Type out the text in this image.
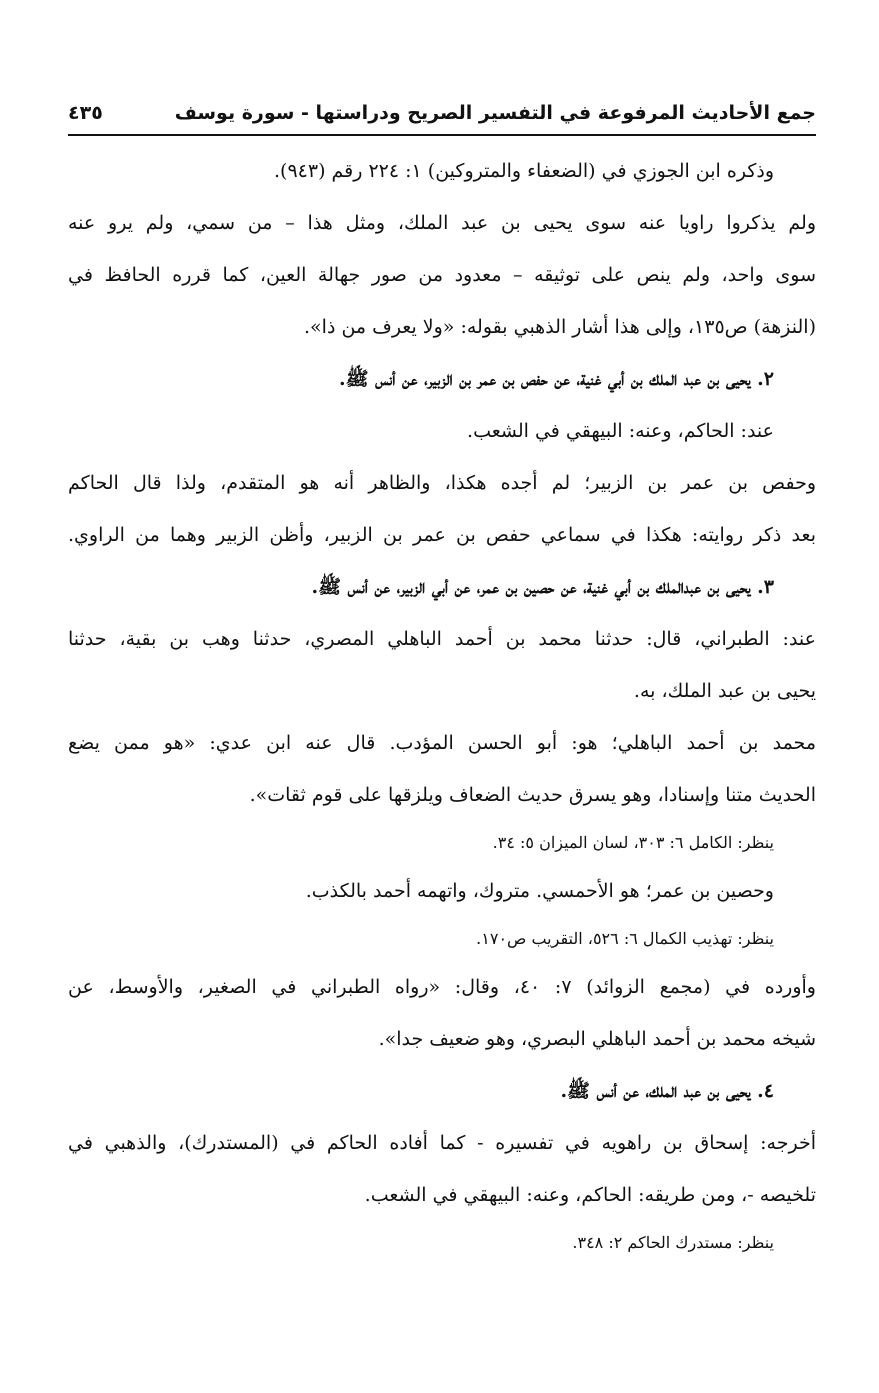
جمع الأحاديث المرفوعة في التفسير الصريح ودراستها - سورة يوسف
٤٣٥
وذكره ابن الجوزي في (الضعفاء والمتروكين) ١: ٢٢٤ رقم (٩٤٣).
ولم يذكروا راويا عنه سوى يحيى بن عبد الملك، ومثل هذا – من سمي، ولم يرو عنه
سوى واحد، ولم ينص على توثيقه – معدود من صور جهالة العين، كما قرره الحافظ في
(النزهة) ص١٣٥، وإلى هذا أشار الذهبي بقوله: «ولا يعرف من ذا».
٢. يحيى بن عبد الملك بن أبي غنية، عن حفص بن عمر بن الزبير، عن أنس ﷺ.
عند: الحاكم، وعنه: البيهقي في الشعب.
وحفص بن عمر بن الزبير؛ لم أجده هكذا، والظاهر أنه هو المتقدم، ولذا قال الحاكم
بعد ذكر روايته: هكذا في سماعي حفص بن عمر بن الزبير، وأظن الزبير وهما من الراوي.
٣. يحيى بن عبدالملك بن أبي غنية، عن حصين بن عمر، عن أبي الزبير، عن أنس ﷺ.
عند: الطبراني، قال: حدثنا محمد بن أحمد الباهلي المصري، حدثنا وهب بن بقية، حدثنا
يحيى بن عبد الملك، به.
محمد بن أحمد الباهلي؛ هو: أبو الحسن المؤدب. قال عنه ابن عدي: «هو ممن يضع
الحديث متنا وإسنادا، وهو يسرق حديث الضعاف ويلزقها على قوم ثقات».
ينظر: الكامل ٦: ٣٠٣، لسان الميزان ٥: ٣٤.
وحصين بن عمر؛ هو الأحمسي. متروك، واتهمه أحمد بالكذب.
ينظر: تهذيب الكمال ٦: ٥٢٦، التقريب ص١٧٠.
وأورده في (مجمع الزوائد) ٧: ٤٠، وقال: «رواه الطبراني في الصغير، والأوسط، عن
شيخه محمد بن أحمد الباهلي البصري، وهو ضعيف جدا».
٤. يحيى بن عبد الملك، عن أنس ﷺ.
أخرجه: إسحاق بن راهويه في تفسيره - كما أفاده الحاكم في (المستدرك)، والذهبي في
تلخيصه -، ومن طريقه: الحاكم، وعنه: البيهقي في الشعب.
ينظر: مستدرك الحاكم ٢: ٣٤٨.
